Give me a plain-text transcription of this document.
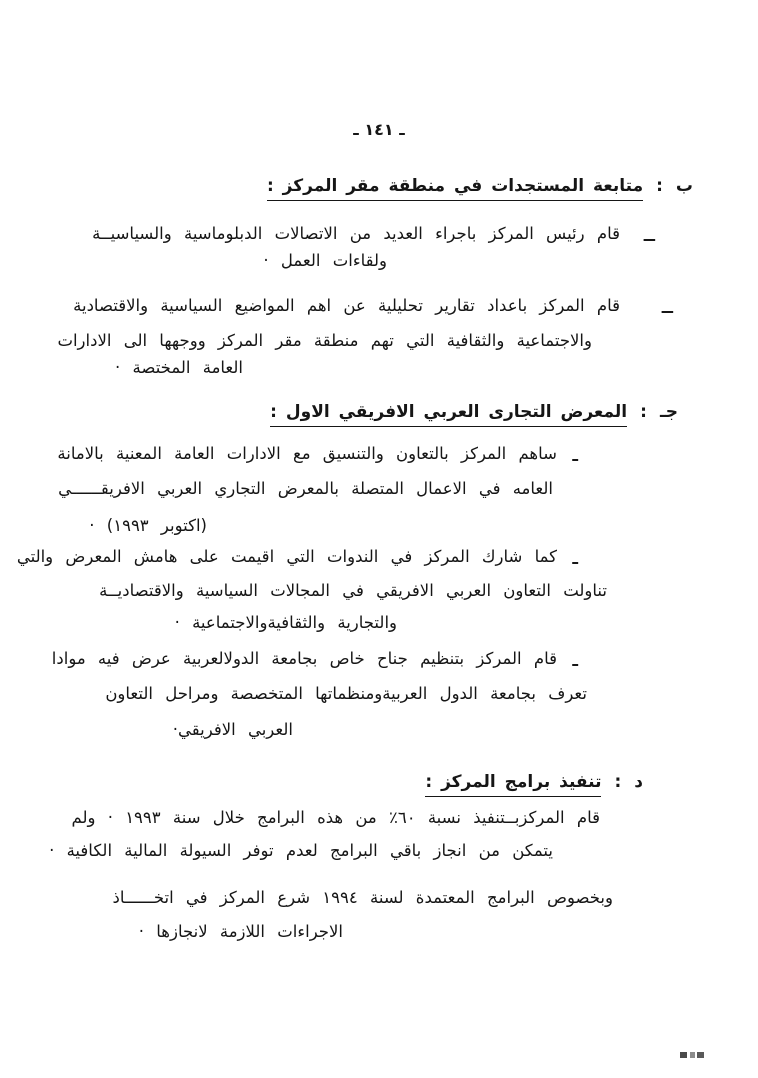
ـ ١٤١ ـ
ب
:
متابعة المستجدات في منطقة مقر المركز :
ــ
قام رئيس المركز باجراء العديد من الاتصالات الدبلوماسية والسياسيــة
ولقاءات العمل ·
ــ
قام المركز باعداد تقارير تحليلية عن اهم المواضيع السياسية والاقتصادية
والاجتماعية والثقافية التي تهم منطقة مقر المركز ووجهها الى الادارات
العامة المختصة ·
جـ
:
المعرض التجارى العربي الافريقي الاول :
ـ
ساهم المركز بالتعاون والتنسيق مع الادارات العامة المعنية بالامانة
العامه في الاعمال المتصلة بالمعرض التجاري العربي الافريقــــــي
(اكتوبر ١٩٩٣) ·
ـ
كما شارك المركز في الندوات التي اقيمت على هامش المعرض والتي
تناولت التعاون العربي الافريقي في المجالات السياسية والاقتصاديــة
والتجارية والثقافيةوالاجتماعية ·
ـ
قام المركز بتنظيم جناح خاص بجامعة الدولالعربية عرض فيه موادا
تعرف بجامعة الدول العربيةومنظماتها المتخصصة ومراحل التعاون
العربي الافريقي·
د
:
تنفيذ برامج المركز :
قام المركزبــتنفيذ نسبة ٦٠٪ من هذه البرامج خلال سنة ١٩٩٣ · ولم
يتمكن من انجاز باقي البرامج لعدم توفر السيولة المالية الكافية ·
وبخصوص البرامج المعتمدة لسنة ١٩٩٤ شرع المركز في اتخــــــاذ
الاجراءات اللازمة لانجازها ·
